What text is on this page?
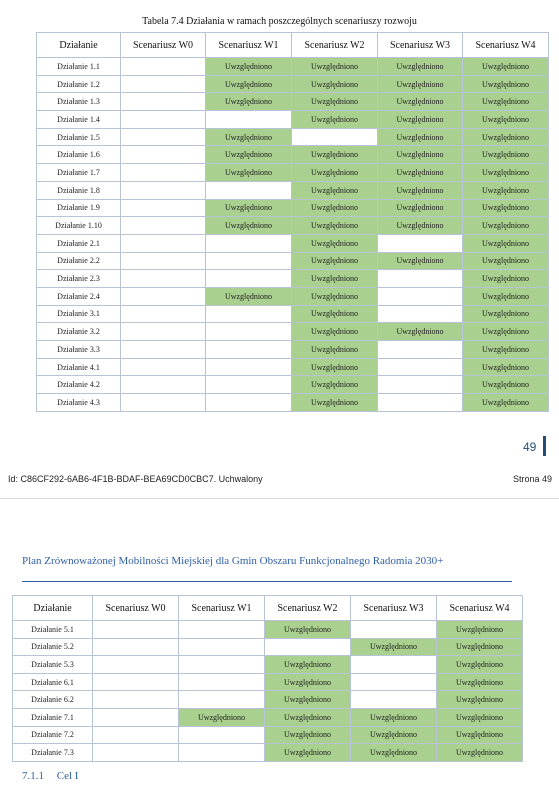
Tabela 7.4 Działania w ramach poszczególnych scenariuszy rozwoju
Działanie	Scenariusz W0	Scenariusz W1	Scenariusz W2	Scenariusz W3	Scenariusz W4
Działanie 1.1		Uwzględniono	Uwzględniono	Uwzględniono	Uwzględniono
Działanie 1.2		Uwzględniono	Uwzględniono	Uwzględniono	Uwzględniono
Działanie 1.3		Uwzględniono	Uwzględniono	Uwzględniono	Uwzględniono
Działanie 1.4			Uwzględniono	Uwzględniono	Uwzględniono
Działanie 1.5		Uwzględniono		Uwzględniono	Uwzględniono
Działanie 1.6		Uwzględniono	Uwzględniono	Uwzględniono	Uwzględniono
Działanie 1.7		Uwzględniono	Uwzględniono	Uwzględniono	Uwzględniono
Działanie 1.8			Uwzględniono	Uwzględniono	Uwzględniono
Działanie 1.9		Uwzględniono	Uwzględniono	Uwzględniono	Uwzględniono
Działanie 1.10		Uwzględniono	Uwzględniono	Uwzględniono	Uwzględniono
Działanie 2.1			Uwzględniono		Uwzględniono
Działanie 2.2			Uwzględniono	Uwzględniono	Uwzględniono
Działanie 2.3			Uwzględniono		Uwzględniono
Działanie 2.4		Uwzględniono	Uwzględniono		Uwzględniono
Działanie 3.1			Uwzględniono		Uwzględniono
Działanie 3.2			Uwzględniono	Uwzględniono	Uwzględniono
Działanie 3.3			Uwzględniono		Uwzględniono
Działanie 4.1			Uwzględniono		Uwzględniono
Działanie 4.2			Uwzględniono		Uwzględniono
Działanie 4.3			Uwzględniono		Uwzględniono
49
Id: C86CF292-6AB6-4F1B-BDAF-BEA69CD0CBC7. Uchwalony	Strona 49
Plan Zrównoważonej Mobilności Miejskiej dla Gmin Obszaru Funkcjonalnego Radomia 2030+
Działanie	Scenariusz W0	Scenariusz W1	Scenariusz W2	Scenariusz W3	Scenariusz W4
Działanie 5.1			Uwzględniono		Uwzględniono
Działanie 5.2				Uwzględniono	Uwzględniono
Działanie 5.3			Uwzględniono		Uwzględniono
Działanie 6.1			Uwzględniono		Uwzględniono
Działanie 6.2			Uwzględniono		Uwzględniono
Działanie 7.1		Uwzględniono	Uwzględniono	Uwzględniono	Uwzględniono
Działanie 7.2			Uwzględniono	Uwzględniono	Uwzględniono
Działanie 7.3			Uwzględniono	Uwzględniono	Uwzględniono
7.1.1 Cel I
